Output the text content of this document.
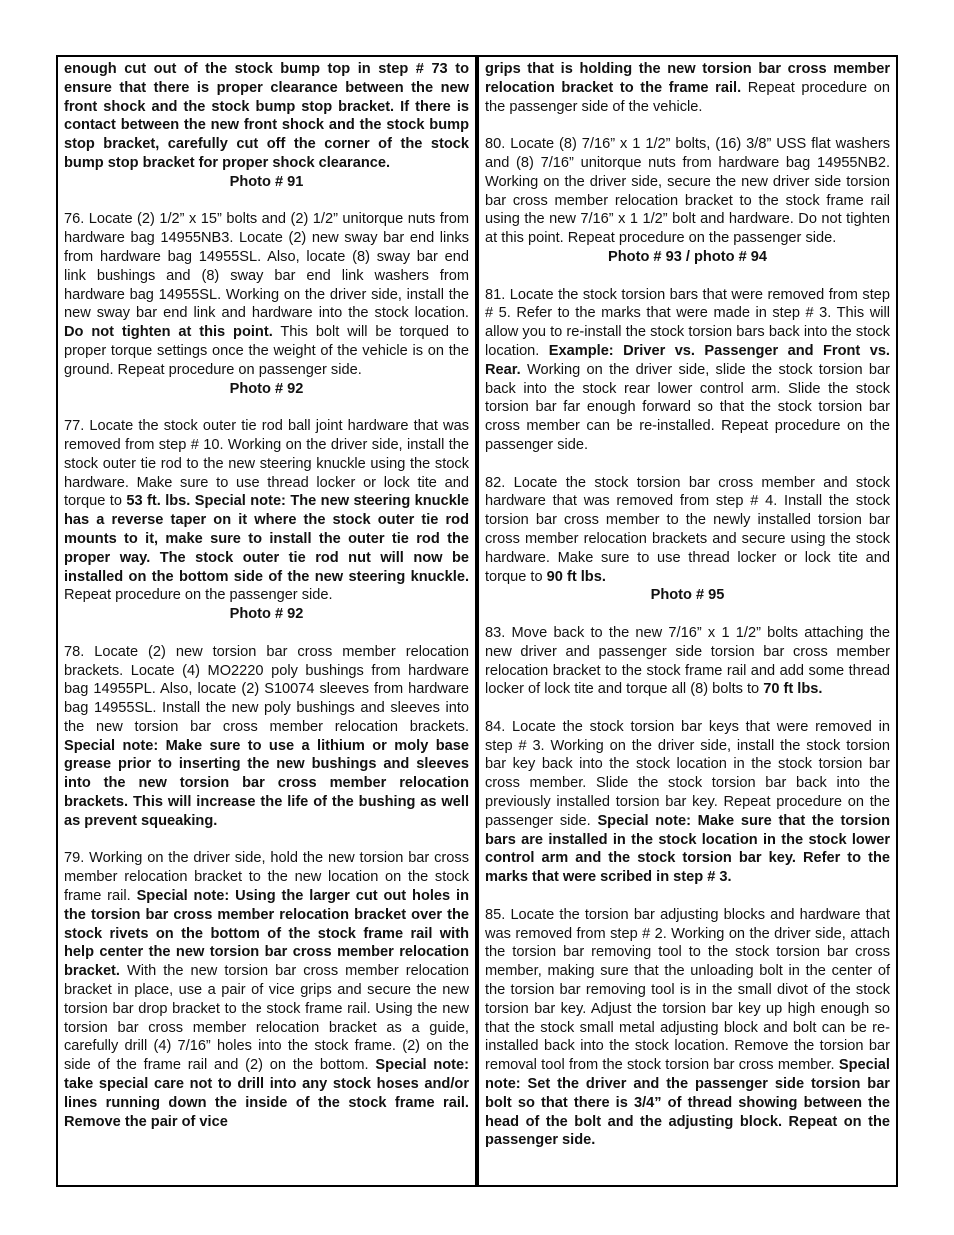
enough cut out of the stock bump top in step # 73 to ensure that there is proper clearance between the new front shock and the stock bump stop bracket. If there is contact between the new front shock and the stock bump stop bracket, carefully cut off the corner of the stock bump stop bracket for proper shock clearance.
Photo # 91

76. Locate (2) 1/2” x 15” bolts and (2) 1/2” unitorque nuts from hardware bag 14955NB3. Locate (2) new sway bar end links from hardware bag 14955SL. Also, locate (8) sway bar end link bushings and (8) sway bar end link washers from hardware bag 14955SL. Working on the driver side, install the new sway bar end link and hardware into the stock location. Do not tighten at this point. This bolt will be torqued to proper torque settings once the weight of the vehicle is on the ground. Repeat procedure on passenger side.
Photo # 92

77. Locate the stock outer tie rod ball joint hardware that was removed from step # 10. Working on the driver side, install the stock outer tie rod to the new steering knuckle using the stock hardware. Make sure to use thread locker or lock tite and torque to 53 ft. lbs. Special note: The new steering knuckle has a reverse taper on it where the stock outer tie rod mounts to it, make sure to install the outer tie rod the proper way. The stock outer tie rod nut will now be installed on the bottom side of the new steering knuckle. Repeat procedure on the passenger side.
Photo # 92

78. Locate (2) new torsion bar cross member relocation brackets. Locate (4) MO2220 poly bushings from hardware bag 14955PL. Also, locate (2) S10074 sleeves from hardware bag 14955SL. Install the new poly bushings and sleeves into the new torsion bar cross member relocation brackets. Special note: Make sure to use a lithium or moly base grease prior to inserting the new bushings and sleeves into the new torsion bar cross member relocation brackets. This will increase the life of the bushing as well as prevent squeaking.

79. Working on the driver side, hold the new torsion bar cross member relocation bracket to the new location on the stock frame rail. Special note: Using the larger cut out holes in the torsion bar cross member relocation bracket over the stock rivets on the bottom of the stock frame rail with help center the new torsion bar cross member relocation bracket. With the new torsion bar cross member relocation bracket in place, use a pair of vice grips and secure the new torsion bar drop bracket to the stock frame rail. Using the new torsion bar cross member relocation bracket as a guide, carefully drill (4) 7/16” holes into the stock frame. (2) on the side of the frame rail and (2) on the bottom. Special note: take special care not to drill into any stock hoses and/or lines running down the inside of the stock frame rail. Remove the pair of vice

grips that is holding the new torsion bar cross member relocation bracket to the frame rail. Repeat procedure on the passenger side of the vehicle.

80. Locate (8) 7/16” x 1 1/2” bolts, (16) 3/8” USS flat washers and (8) 7/16” unitorque nuts from hardware bag 14955NB2. Working on the driver side, secure the new driver side torsion bar cross member relocation bracket to the stock frame rail using the new 7/16” x 1 1/2” bolt and hardware. Do not tighten at this point. Repeat procedure on the passenger side.
Photo # 93 / photo # 94

81. Locate the stock torsion bars that were removed from step # 5. Refer to the marks that were made in step # 3. This will allow you to re-install the stock torsion bars back into the stock location. Example: Driver vs. Passenger and Front vs. Rear. Working on the driver side, slide the stock torsion bar back into the stock rear lower control arm. Slide the stock torsion bar far enough forward so that the stock torsion bar cross member can be re-installed. Repeat procedure on the passenger side.

82. Locate the stock torsion bar cross member and stock hardware that was removed from step # 4. Install the stock torsion bar cross member to the newly installed torsion bar cross member relocation brackets and secure using the stock hardware. Make sure to use thread locker or lock tite and torque to 90 ft lbs.
Photo # 95

83. Move back to the new 7/16” x 1 1/2” bolts attaching the new driver and passenger side torsion bar cross member relocation bracket to the stock frame rail and add some thread locker of lock tite and torque all (8) bolts to 70 ft lbs.

84. Locate the stock torsion bar keys that were removed in step # 3. Working on the driver side, install the stock torsion bar key back into the stock location in the stock torsion bar cross member. Slide the stock torsion bar back into the previously installed torsion bar key. Repeat procedure on the passenger side. Special note: Make sure that the torsion bars are installed in the stock location in the stock lower control arm and the stock torsion bar key. Refer to the marks that were scribed in step # 3.

85. Locate the torsion bar adjusting blocks and hardware that was removed from step # 2. Working on the driver side, attach the torsion bar removing tool to the stock torsion bar cross member, making sure that the unloading bolt in the center of the torsion bar removing tool is in the small divot of the stock torsion bar key. Adjust the torsion bar key up high enough so that the stock small metal adjusting block and bolt can be re-installed back into the stock location. Remove the torsion bar removal tool from the stock torsion bar cross member. Special note: Set the driver and the passenger side torsion bar bolt so that there is 3/4” of thread showing between the head of the bolt and the adjusting block. Repeat on the passenger side.
